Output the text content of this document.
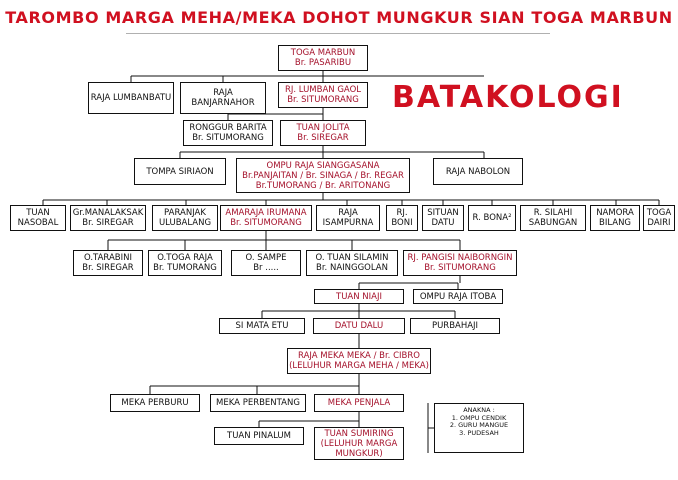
TAROMBO MARGA MEHA/MEKA DOHOT MUNGKUR SIAN TOGA MARBUN
BATAKOLOGI
TOGA MARBUN
Br. PASARIBU
RAJA LUMBANBATU	RAJA
BANJARNAHOR
RJ. LUMBAN GAOL
Br. SITUMORANG
RONGGUR BARITA
Br. SITUMORANG
TUAN JOLITA
Br. SIREGAR
TOMPA SIRIAON
OMPU RAJA SIANGGASANA
Br.PANJAITAN / Br. SINAGA / Br. REGAR
Br.TUMORANG / Br. ARITONANG
RAJA NABOLON
TUAN
NASOBAL
Gr.MANALAKSAK
Br. SIREGAR
PARANJAK
ULUBALANG
AMARAJA IRUMANA
Br. SITUMORANG
RAJA
ISAMPURNA
RJ.
BONI
SITUAN
DATU R. BONA²	R. SILAHI
SABUNGAN
NAMORA
BILANG
TOGA
DAIRI
O.TARABINI
Br. SIREGAR
O.TOGA RAJA
Br. TUMORANG
O. SAMPE
Br .....
O. TUAN SILAMIN
Br. NAINGGOLAN
RJ. PANGISI NAIBORNGIN
Br. SITUMORANG
TUAN NIAJI	OMPU RAJA ITOBA
SI MATA ETU	DATU DALU	PURBAHAJI
RAJA MEKA MEKA / Br. CIBRO
(LELUHUR MARGA MEHA / MEKA)
MEKA PERBURU	MEKA PERBENTANG	MEKA PENJALA
TUAN PINALUM	TUAN SUMIRING
(LELUHUR MARGA
MUNGKUR)
ANAKNA :
1. OMPU CENDIK
2. GURU MANGUE
3. PUDESAH
